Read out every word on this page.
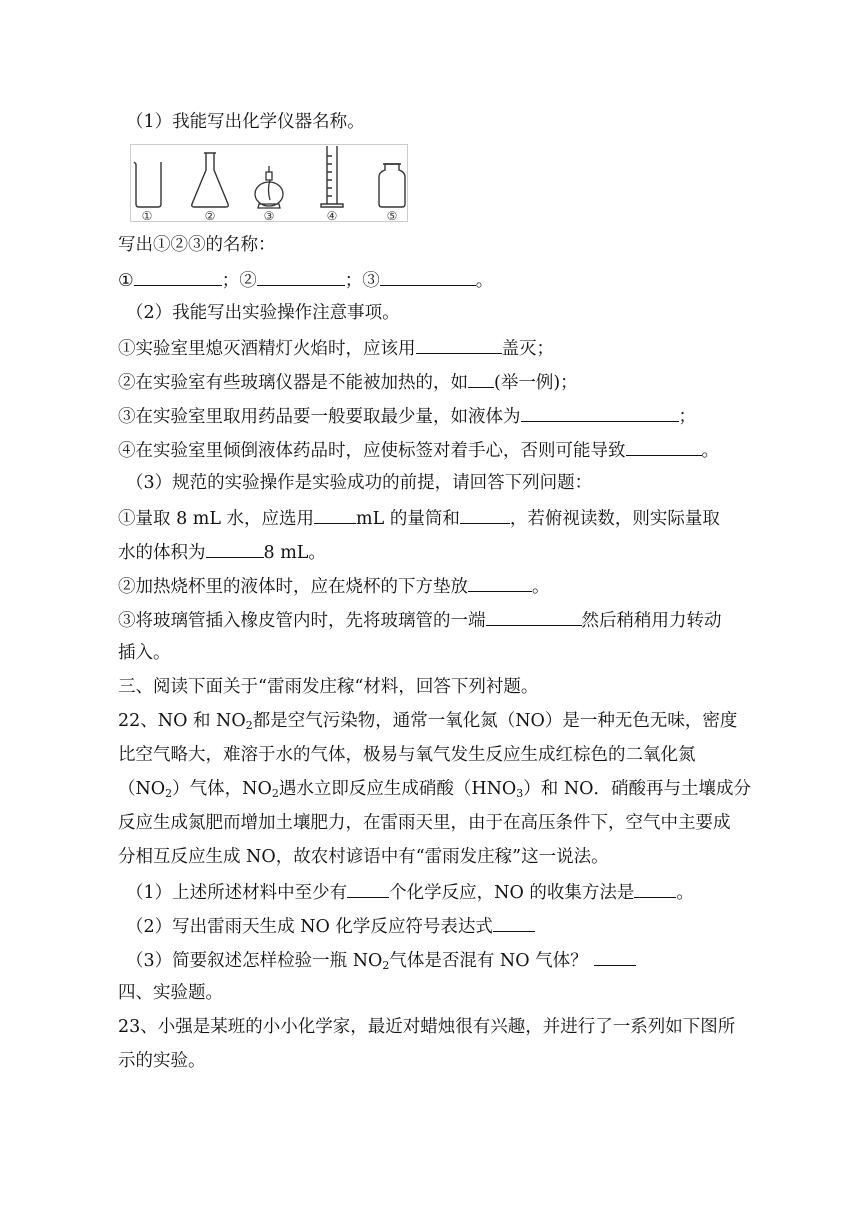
（1）我能写出化学仪器名称。
①	②	③	④	⑤
写出①②③的名称：
①	；②	；③	。
（2）我能写出实验操作注意事项。
①实验室里熄灭酒精灯火焰时，应该用	盖灭；
②在实验室有些玻璃仪器是不能被加热的，如 (举一例)；
③在实验室里取用药品要一般要取最少量，如液体为	；
④在实验室里倾倒液体药品时，应使标签对着手心，否则可能导致	。
（3）规范的实验操作是实验成功的前提，请回答下列问题：
①量取 8 mL 水，应选用 mL 的量筒和	，若俯视读数，则实际量取
水的体积为	8 mL。
②加热烧杯里的液体时，应在烧杯的下方垫放	。
③将玻璃管插入橡皮管内时，先将玻璃管的一端	然后稍稍用力转动
插入。
三、阅读下面关于“雷雨发庄稼“材料，回答下列衬题。
22、NO 和 $NO_2$都是空气污染物，通常一氧化氮（NO）是一种无色无味，密度
比空气略大，难溶于水的气体，极易与氧气发生反应生成红棕色的二氧化氮
$(NO_2)$气体，$NO_2$遇水立即反应生成硝酸$(HNO_3)$和 NO．硝酸再与土壤成分
反应生成氮肥而增加土壤肥力，在雷雨天里，由于在高压条件下，空气中主要成
分相互反应生成 NO，故农村谚语中有“雷雨发庄稼”这一说法。
（1）上述所述材料中至少有 个化学反应，NO 的收集方法是 。
（2）写出雷雨天生成 NO 化学反应符号表达式
（3）简要叙述怎样检验一瓶 $NO_2$气体是否混有 NO 气体？
四、实验题。
23、小强是某班的小小化学家，最近对蜡烛很有兴趣，并进行了一系列如下图所
示的实验。
